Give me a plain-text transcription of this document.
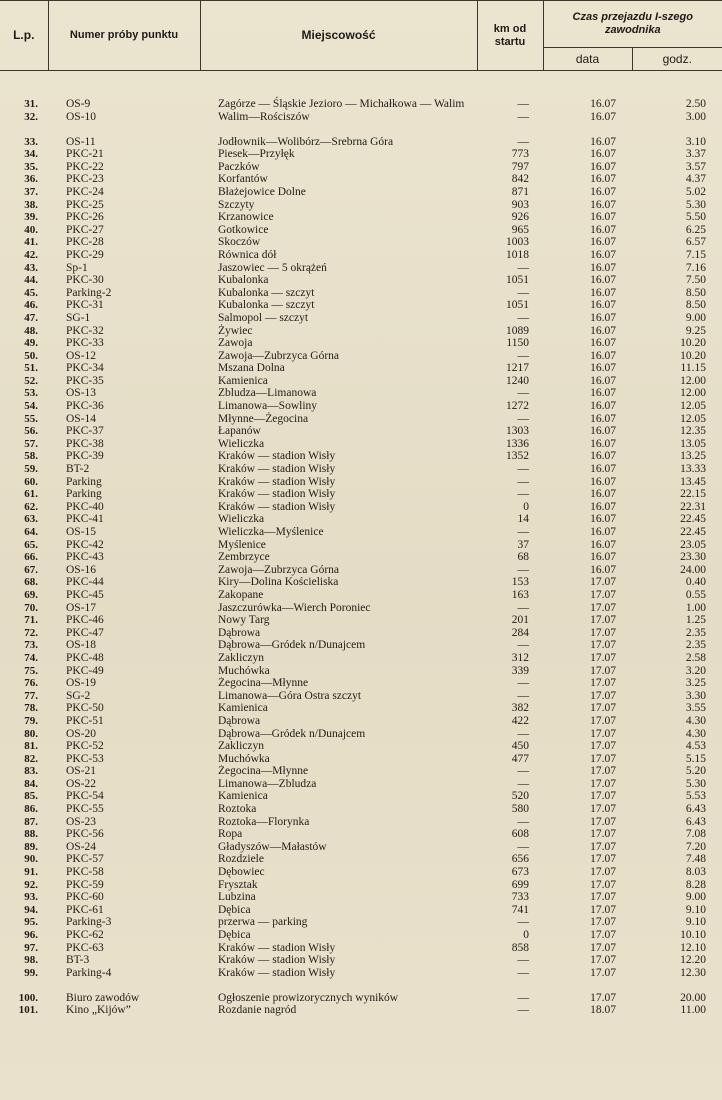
L.p.	Numer próby punktu	Miejscowość	km od startu	Czas przejazdu I-szego zawodnika	
				data	godz.

31.	OS-9	Zagórze — Śląskie Jezioro — Michałkowa — Walim	—	16.07	2.50
32.	OS-10	Walim—Rościszów	—	16.07	3.00
33.	OS-11	Jodłownik—Wolibórz—Srebrna Góra	—	16.07	3.10
34.	PKC-21	Piesek—Przyłęk	773	16.07	3.37
35.	PKC-22	Paczków	797	16.07	3.57
36.	PKC-23	Korfantów	842	16.07	4.37
37.	PKC-24	Błażejowice Dolne	871	16.07	5.02
38.	PKC-25	Szczyty	903	16.07	5.30
39.	PKC-26	Krzanowice	926	16.07	5.50
40.	PKC-27	Gotkowice	965	16.07	6.25
41.	PKC-28	Skoczów	1003	16.07	6.57
42.	PKC-29	Równica dół	1018	16.07	7.15
43.	Sp-1	Jaszowiec — 5 okrążeń	—	16.07	7.16
44.	PKC-30	Kubalonka	1051	16.07	7.50
45.	Parking-2	Kubalonka — szczyt	—	16.07	8.50
46.	PKC-31	Kubalonka — szczyt	1051	16.07	8.50
47.	SG-1	Salmopol — szczyt	—	16.07	9.00
48.	PKC-32	Żywiec	1089	16.07	9.25
49.	PKC-33	Zawoja	1150	16.07	10.20
50.	OS-12	Zawoja—Zubrzyca Górna	—	16.07	10.20
51.	PKC-34	Mszana Dolna	1217	16.07	11.15
52.	PKC-35	Kamienica	1240	16.07	12.00
53.	OS-13	Zbludza—Limanowa	—	16.07	12.00
54.	PKC-36	Limanowa—Sowliny	1272	16.07	12.05
55.	OS-14	Młynne—Żegocina	—	16.07	12.05
56.	PKC-37	Łapanów	1303	16.07	12.35
57.	PKC-38	Wieliczka	1336	16.07	13.05
58.	PKC-39	Kraków — stadion Wisły	1352	16.07	13.25
59.	BT-2	Kraków — stadion Wisły	—	16.07	13.33
60.	Parking	Kraków — stadion Wisły	—	16.07	13.45
61.	Parking	Kraków — stadion Wisły	—	16.07	22.15
62.	PKC-40	Kraków — stadion Wisły	0	16.07	22.31
63.	PKC-41	Wieliczka	14	16.07	22.45
64.	OS-15	Wieliczka—Myślenice	—	16.07	22.45
65.	PKC-42	Myślenice	37	16.07	23.05
66.	PKC-43	Zembrzyce	68	16.07	23.30
67.	OS-16	Zawoja—Zubrzyca Górna	—	16.07	24.00
68.	PKC-44	Kiry—Dolina Kościeliska	153	17.07	0.40
69.	PKC-45	Zakopane	163	17.07	0.55
70.	OS-17	Jaszczurówka—Wierch Poroniec	—	17.07	1.00
71.	PKC-46	Nowy Targ	201	17.07	1.25
72.	PKC-47	Dąbrowa	284	17.07	2.35
73.	OS-18	Dąbrowa—Gródek n/Dunajcem	—	17.07	2.35
74.	PKC-48	Zakliczyn	312	17.07	2.58
75.	PKC-49	Muchówka	339	17.07	3.20
76.	OS-19	Żegocina—Młynne	—	17.07	3.25
77.	SG-2	Limanowa—Góra Ostra szczyt	—	17.07	3.30
78.	PKC-50	Kamienica	382	17.07	3.55
79.	PKC-51	Dąbrowa	422	17.07	4.30
80.	OS-20	Dąbrowa—Gródek n/Dunajcem	—	17.07	4.30
81.	PKC-52	Zakliczyn	450	17.07	4.53
82.	PKC-53	Muchówka	477	17.07	5.15
83.	OS-21	Żegocina—Młynne	—	17.07	5.20
84.	OS-22	Limanowa—Zbludza	—	17.07	5.30
85.	PKC-54	Kamienica	520	17.07	5.53
86.	PKC-55	Roztoka	580	17.07	6.43
87.	OS-23	Roztoka—Florynka	—	17.07	6.43
88.	PKC-56	Ropa	608	17.07	7.08
89.	OS-24	Gładyszów—Małastów	—	17.07	7.20
90.	PKC-57	Rozdziele	656	17.07	7.48
91.	PKC-58	Dębowiec	673	17.07	8.03
92.	PKC-59	Frysztak	699	17.07	8.28
93.	PKC-60	Lubzina	733	17.07	9.00
94.	PKC-61	Dębica	741	17.07	9.10
95.	Parking-3	przerwa — parking	—	17.07	9.10
96.	PKC-62	Dębica	0	17.07	10.10
97.	PKC-63	Kraków — stadion Wisły	858	17.07	12.10
98.	BT-3	Kraków — stadion Wisły	—	17.07	12.20
99.	Parking-4	Kraków — stadion Wisły	—	17.07	12.30
100.	Biuro zawodów	Ogłoszenie prowizorycznych wyników	—	17.07	20.00
101.	Kino „Kijów”	Rozdanie nagród	—	18.07	11.00
